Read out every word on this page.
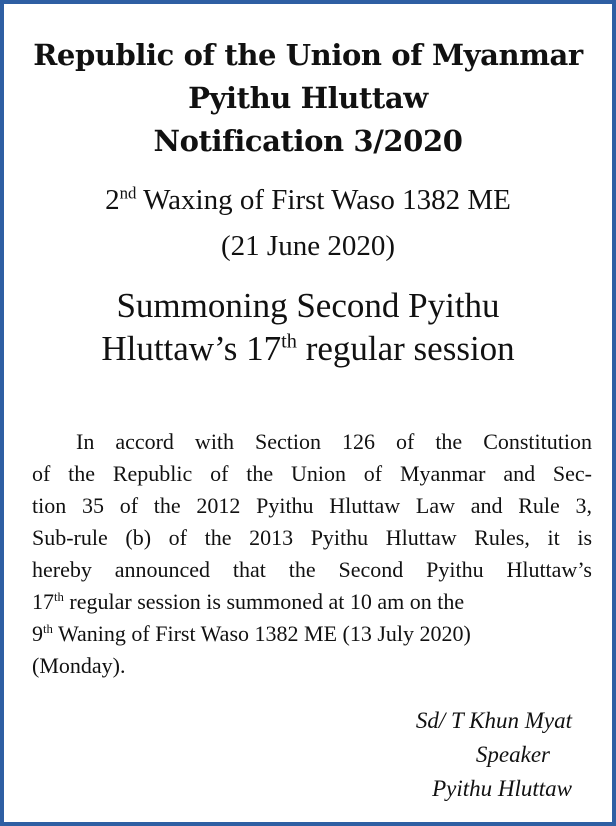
Republic of the Union of Myanmar
Pyithu Hluttaw
Notification 3/2020
2nd Waxing of First Waso 1382 ME
(21 June 2020)
Summoning Second Pyithu
Hluttaw’s 17th regular session
In accord with Section 126 of the Constitution
of the Republic of the Union of Myanmar and Sec-
tion 35 of the 2012 Pyithu Hluttaw Law and Rule 3,
Sub-rule (b) of the 2013 Pyithu Hluttaw Rules, it is
hereby announced that the Second Pyithu Hluttaw’s
17th regular session is summoned at 10 am on the
9th Waning of First Waso 1382 ME (13 July 2020)
(Monday).
Sd/ T Khun Myat
Speaker
Pyithu Hluttaw
